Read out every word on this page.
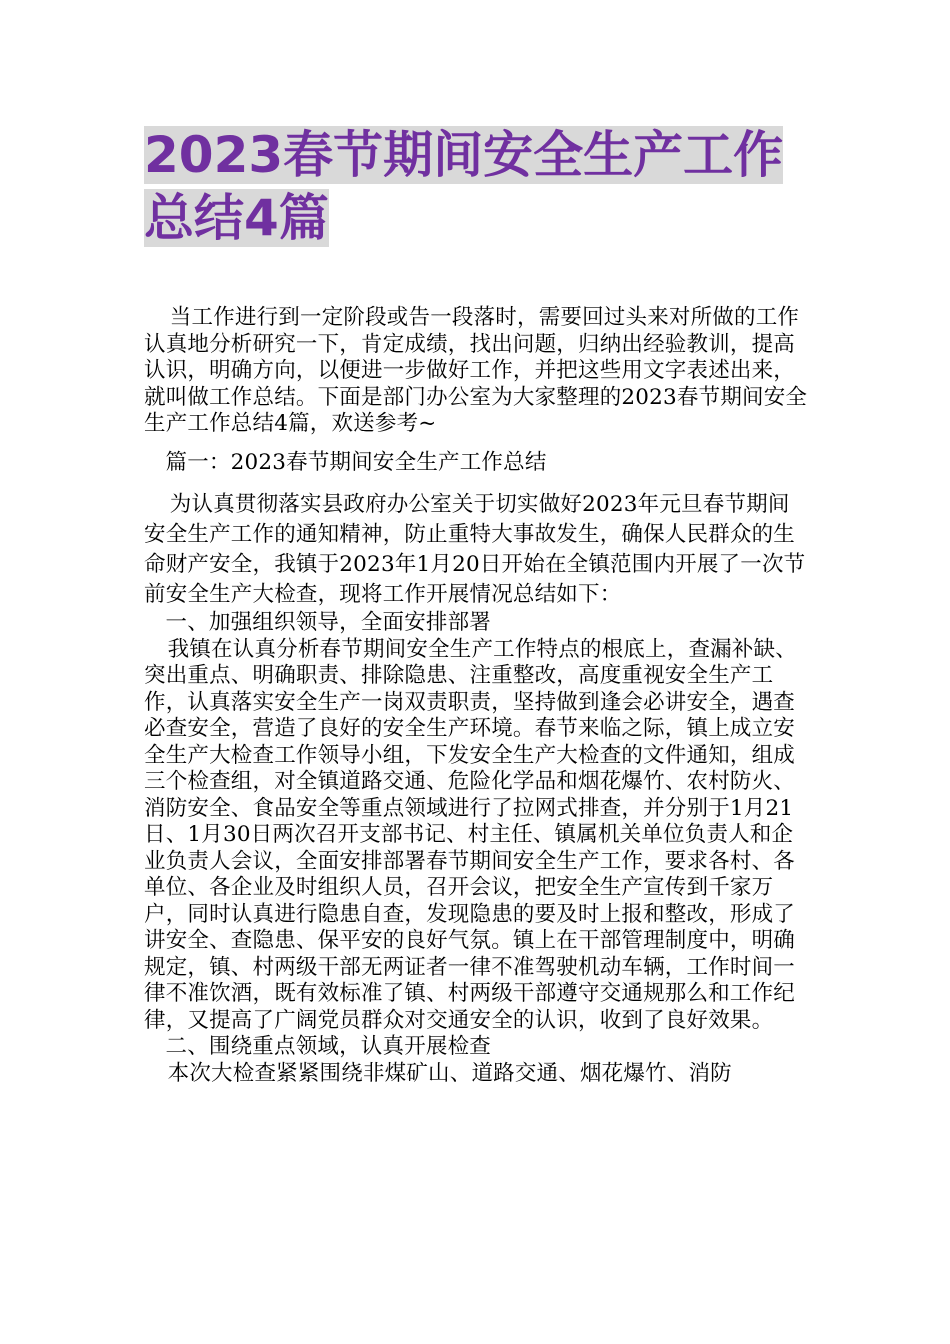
2023春节期间安全生产工作总结4篇

当工作进行到一定阶段或告一段落时，需要回过头来对所做的工作认真地分析研究一下，肯定成绩，找出问题，归纳出经验教训，提高认识，明确方向，以便进一步做好工作，并把这些用文字表述出来，就叫做工作总结。下面是部门办公室为大家整理的2023春节期间安全生产工作总结4篇，欢送参考~

篇一：2023春节期间安全生产工作总结

为认真贯彻落实县政府办公室关于切实做好2023年元旦春节期间安全生产工作的通知精神，防止重特大事故发生，确保人民群众的生命财产安全，我镇于2023年1月20日开始在全镇范围内开展了一次节前安全生产大检查，现将工作开展情况总结如下：

一、加强组织领导，全面安排部署

我镇在认真分析春节期间安全生产工作特点的根底上，查漏补缺、突出重点、明确职责、排除隐患、注重整改，高度重视安全生产工作，认真落实安全生产一岗双责职责，坚持做到逢会必讲安全，遇查必查安全，营造了良好的安全生产环境。春节来临之际，镇上成立安全生产大检查工作领导小组，下发安全生产大检查的文件通知，组成三个检查组，对全镇道路交通、危险化学品和烟花爆竹、农村防火、消防安全、食品安全等重点领域进行了拉网式排查，并分别于1月21日、1月30日两次召开支部书记、村主任、镇属机关单位负责人和企业负责人会议，全面安排部署春节期间安全生产工作，要求各村、各单位、各企业及时组织人员，召开会议，把安全生产宣传到千家万户，同时认真进行隐患自查，发现隐患的要及时上报和整改，形成了讲安全、查隐患、保平安的良好气氛。镇上在干部管理制度中，明确规定，镇、村两级干部无两证者一律不准驾驶机动车辆，工作时间一律不准饮酒，既有效标准了镇、村两级干部遵守交通规那么和工作纪律，又提高了广阔党员群众对交通安全的认识，收到了良好效果。

二、围绕重点领域，认真开展检查

本次大检查紧紧围绕非煤矿山、道路交通、烟花爆竹、消防
